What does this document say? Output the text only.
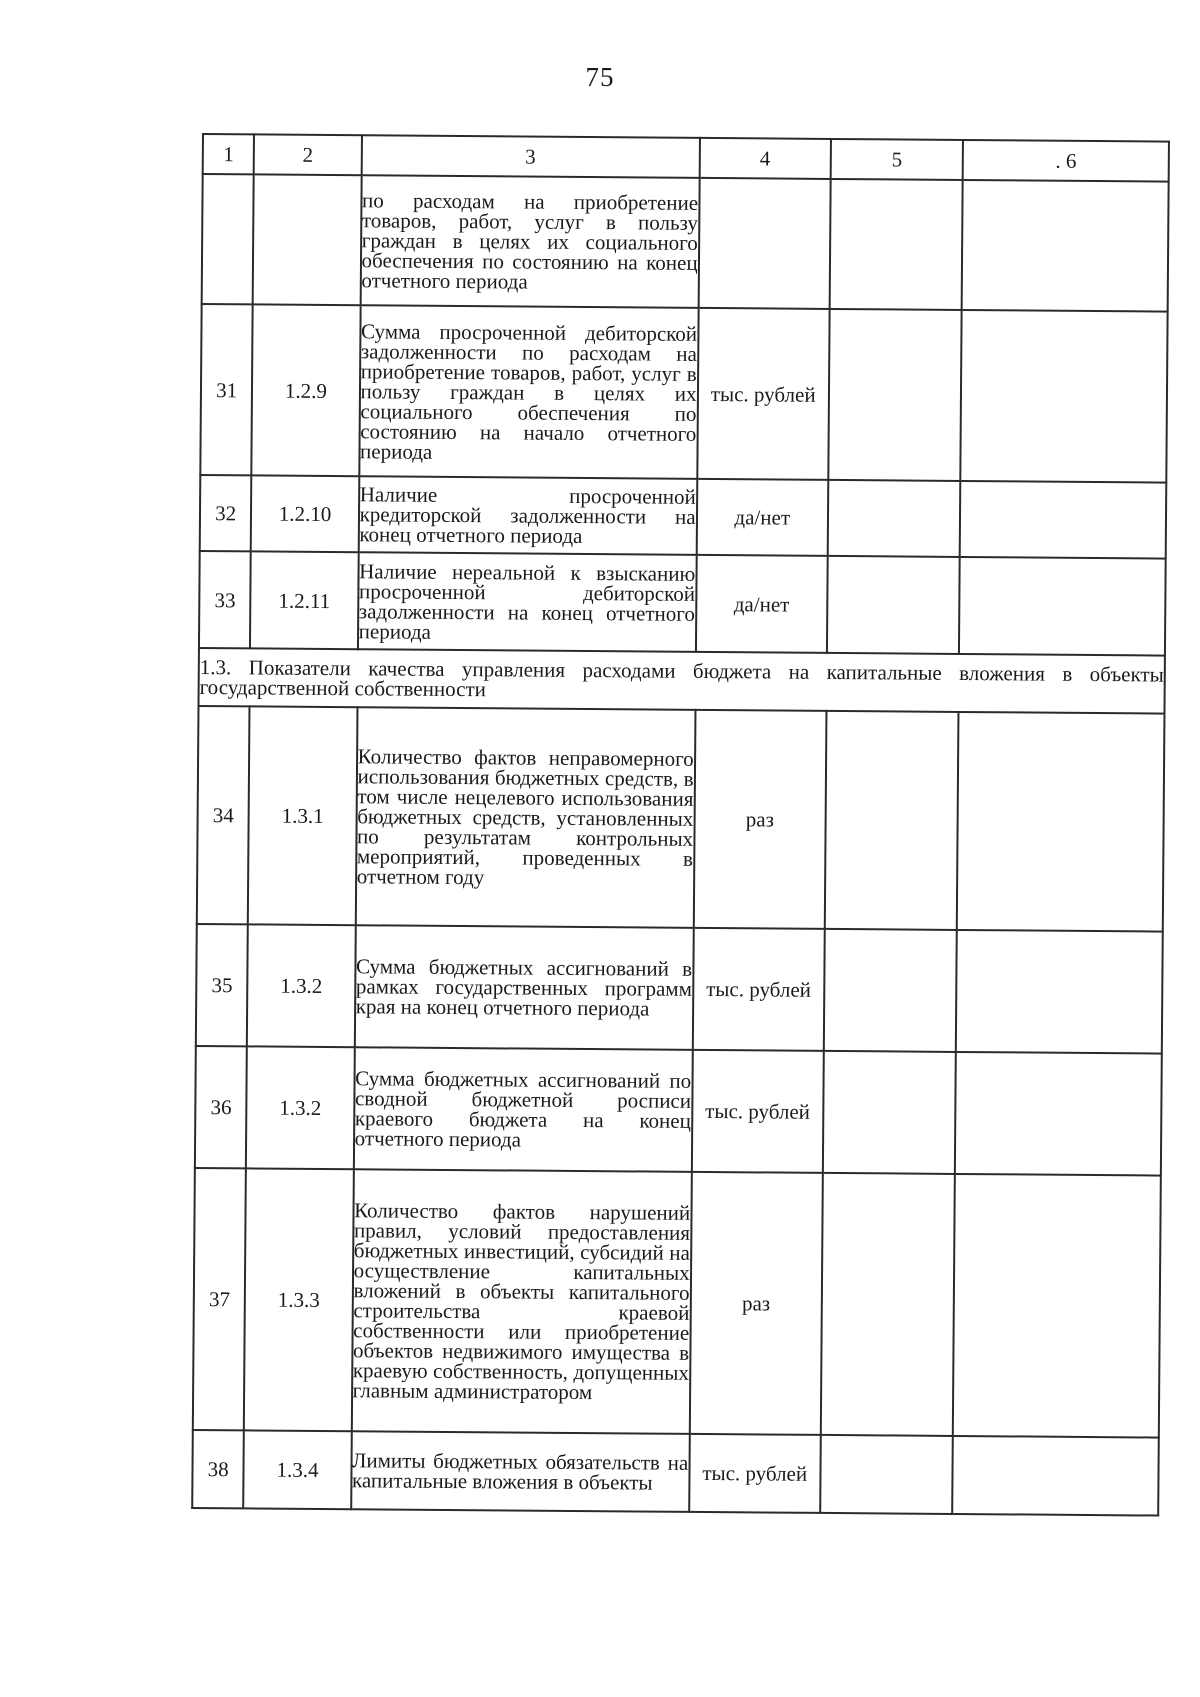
75
1	2	3	4	5	. 6
		по расходам на приобретение товаров, работ, услуг в пользу граждан в целях их социального обеспечения по состоянию на конец отчетного периода			
31	1.2.9	Сумма просроченной дебиторской задолженности по расходам на приобретение товаров, работ, услуг в пользу граждан в целях их социального обеспечения по состоянию на начало отчетного периода	тыс. рублей		
32	1.2.10	Наличие просроченной кредиторской задолженности на конец отчетного периода	да/нет		
33	1.2.11	Наличие нереальной к взысканию просроченной дебиторской задолженности на конец отчетного периода	да/нет		
1.3. Показатели качества управления расходами бюджета на капитальные вложения в объекты государственной собственности					
34	1.3.1	Количество фактов неправомерного использования бюджетных средств, в том числе нецелевого использования бюджетных средств, установленных по результатам контрольных мероприятий, проведенных в отчетном году	раз		
35	1.3.2	Сумма бюджетных ассигнований в рамках государственных программ края на конец отчетного периода	тыс. рублей		
36	1.3.2	Сумма бюджетных ассигнований по сводной бюджетной росписи краевого бюджета на конец отчетного периода	тыс. рублей		
37	1.3.3	Количество фактов нарушений правил, условий предоставления бюджетных инвестиций, субсидий на осуществление капитальных вложений в объекты капитального строительства краевой собственности или приобретение объектов недвижимого имущества в краевую собственность, допущенных главным администратором	раз		
38	1.3.4	Лимиты бюджетных обязательств на капитальные вложения в объекты	тыс. рублей		
